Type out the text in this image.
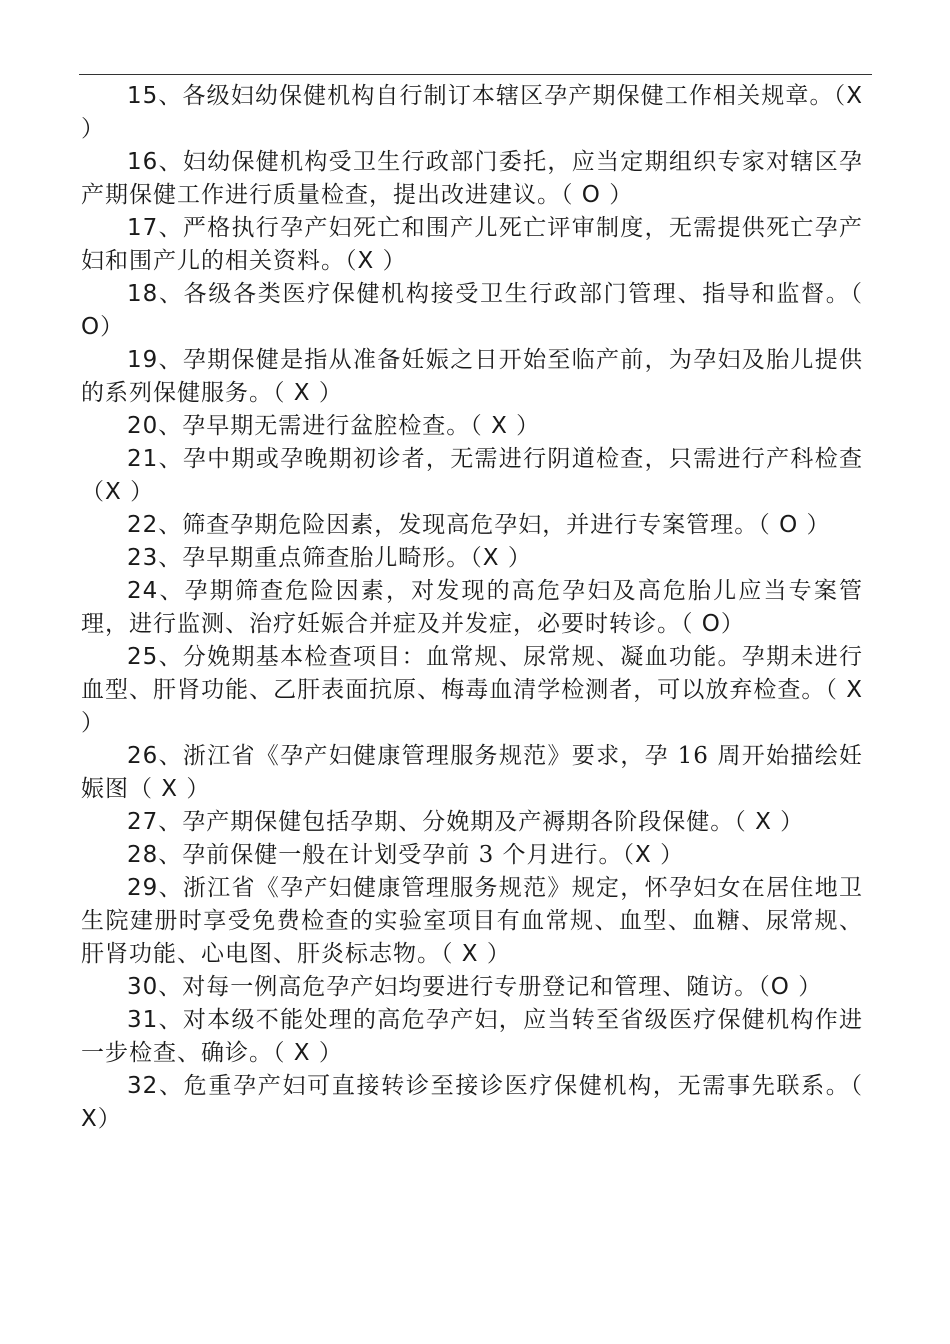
15、各级妇幼保健机构自行制订本辖区孕产期保健工作相关规章。（X ）

16、妇幼保健机构受卫生行政部门委托，应当定期组织专家对辖区孕产期保健工作进行质量检查，提出改进建议。（ O ）

17、严格执行孕产妇死亡和围产儿死亡评审制度，无需提供死亡孕产妇和围产儿的相关资料。（X ）

18、各级各类医疗保健机构接受卫生行政部门管理、指导和监督。（ O）

19、孕期保健是指从准备妊娠之日开始至临产前，为孕妇及胎儿提供的系列保健服务。（ X ）

20、孕早期无需进行盆腔检查。（ X ）

21、孕中期或孕晚期初诊者，无需进行阴道检查，只需进行产科检查（X ）

22、筛查孕期危险因素，发现高危孕妇，并进行专案管理。（ O ）

23、孕早期重点筛查胎儿畸形。（X ）

24、孕期筛查危险因素，对发现的高危孕妇及高危胎儿应当专案管理，进行监测、治疗妊娠合并症及并发症，必要时转诊。（ O）

25、分娩期基本检查项目：血常规、尿常规、凝血功能。孕期未进行血型、肝肾功能、乙肝表面抗原、梅毒血清学检测者，可以放弃检查。（ X ）

26、浙江省《孕产妇健康管理服务规范》要求，孕 16 周开始描绘妊娠图（ X ）

27、孕产期保健包括孕期、分娩期及产褥期各阶段保健。（ X ）

28、孕前保健一般在计划受孕前 3 个月进行。（X ）

29、浙江省《孕产妇健康管理服务规范》规定，怀孕妇女在居住地卫生院建册时享受免费检查的实验室项目有血常规、血型、血糖、尿常规、肝肾功能、心电图、肝炎标志物。（ X ）

30、对每一例高危孕产妇均要进行专册登记和管理、随访。（O ）

31、对本级不能处理的高危孕产妇，应当转至省级医疗保健机构作进一步检查、确诊。（ X ）

32、危重孕产妇可直接转诊至接诊医疗保健机构，无需事先联系。（ X）
